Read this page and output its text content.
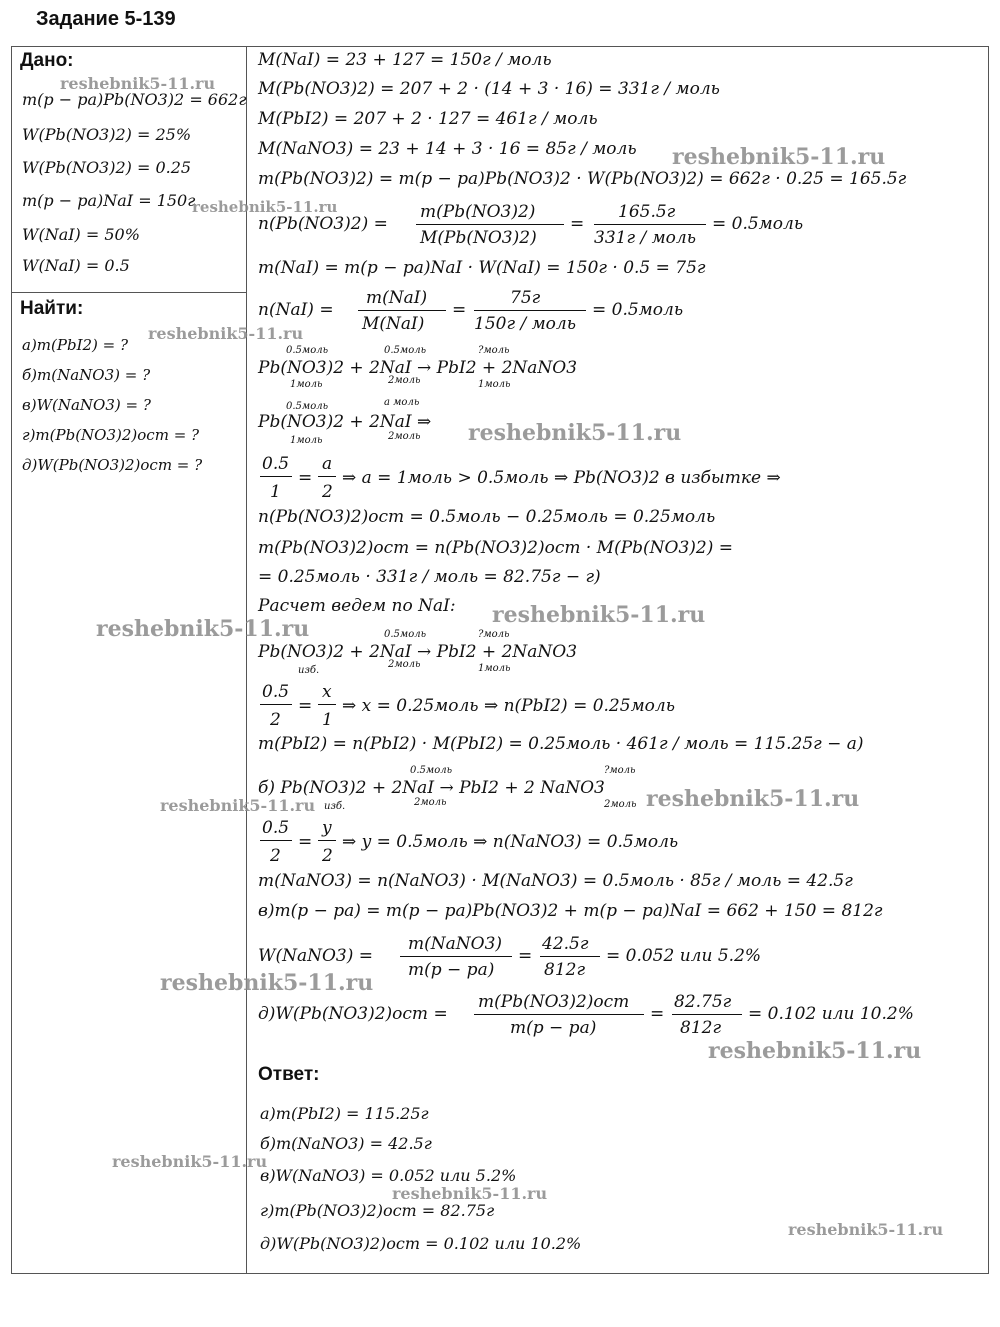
Задание 5-139
Дано:
m(p − pa)Pb(NO3)2 = 662г
W(Pb(NO3)2) = 25%
W(Pb(NO3)2) = 0.25
m(p − pa)NaI = 150г
W(NaI) = 50%
W(NaI) = 0.5
Найти:
а)m(PbI2) = ?
б)m(NaNO3) = ?
в)W(NaNO3) = ?
г)m(Pb(NO3)2)ост = ?
д)W(Pb(NO3)2)ост = ?
M(NaI) = 23 + 127 = 150г / моль
M(Pb(NO3)2) = 207 + 2 · (14 + 3 · 16) = 331г / моль
M(PbI2) = 207 + 2 · 127 = 461г / моль
M(NaNO3) = 23 + 14 + 3 · 16 = 85г / моль
m(Pb(NO3)2) = m(p − pa)Pb(NO3)2 · W(Pb(NO3)2) = 662г · 0.25 = 165.5г
n(Pb(NO3)2) =
m(Pb(NO3)2)
M(Pb(NO3)2)
=
165.5г
331г / моль
= 0.5моль
m(NaI) = m(p − pa)NaI · W(NaI) = 150г · 0.5 = 75г
n(NaI) =
m(NaI)
M(NaI)
=
75г
150г / моль
= 0.5моль
0.5моль	0.5моль	?моль
Pb(NO3)2 + 2NaI → PbI2 + 2NaNO3
1моль	2моль	1моль
0.5моль	a моль
Pb(NO3)2 + 2NaI ⇒
1моль	2моль
0.5
1
=
a
2
⇒ a = 1моль > 0.5моль ⇒ Pb(NO3)2 в избытке ⇒
n(Pb(NO3)2)ост = 0.5моль − 0.25моль = 0.25моль
m(Pb(NO3)2)ост = n(Pb(NO3)2)ост · M(Pb(NO3)2) =
= 0.25моль · 331г / моль = 82.75г − г)
Расчет ведем по NaI:
0.5моль	?моль
Pb(NO3)2 + 2NaI → PbI2 + 2NaNO3
изб.
2моль	1моль
0.5
2
=
x
1
⇒ x = 0.25моль ⇒ n(PbI2) = 0.25моль
m(PbI2) = n(PbI2) · M(PbI2) = 0.25моль · 461г / моль = 115.25г − а)
0.5моль	?моль
б) Pb(NO3)2 + 2NaI → PbI2 + 2 NaNO3
изб.	2моль	2моль
0.5
2
=
y
2
⇒ y = 0.5моль ⇒ n(NaNO3) = 0.5моль
m(NaNO3) = n(NaNO3) · M(NaNO3) = 0.5моль · 85г / моль = 42.5г
в)m(p − pa) = m(p − pa)Pb(NO3)2 + m(p − pa)NaI = 662 + 150 = 812г
W(NaNO3) =
m(NaNO3)
m(p − pa)
=
42.5г
812г
= 0.052 или 5.2%
д)W(Pb(NO3)2)ост =
m(Pb(NO3)2)ост
m(p − pa)
=
82.75г
812г
= 0.102 или 10.2%
Ответ:
а)m(PbI2) = 115.25г
б)m(NaNO3) = 42.5г
в)W(NaNO3) = 0.052 или 5.2%
г)m(Pb(NO3)2)ост = 82.75г
д)W(Pb(NO3)2)ост = 0.102 или 10.2%
reshebnik5-11.ru
reshebnik5-11.ru
reshebnik5-11.ru
reshebnik5-11.ru
reshebnik5-11.ru
reshebnik5-11.ru
reshebnik5-11.ru
reshebnik5-11.ru	reshebnik5-11.ru
reshebnik5-11.ru
reshebnik5-11.ru
reshebnik5-11.ru
reshebnik5-11.ru
reshebnik5-11.ru
